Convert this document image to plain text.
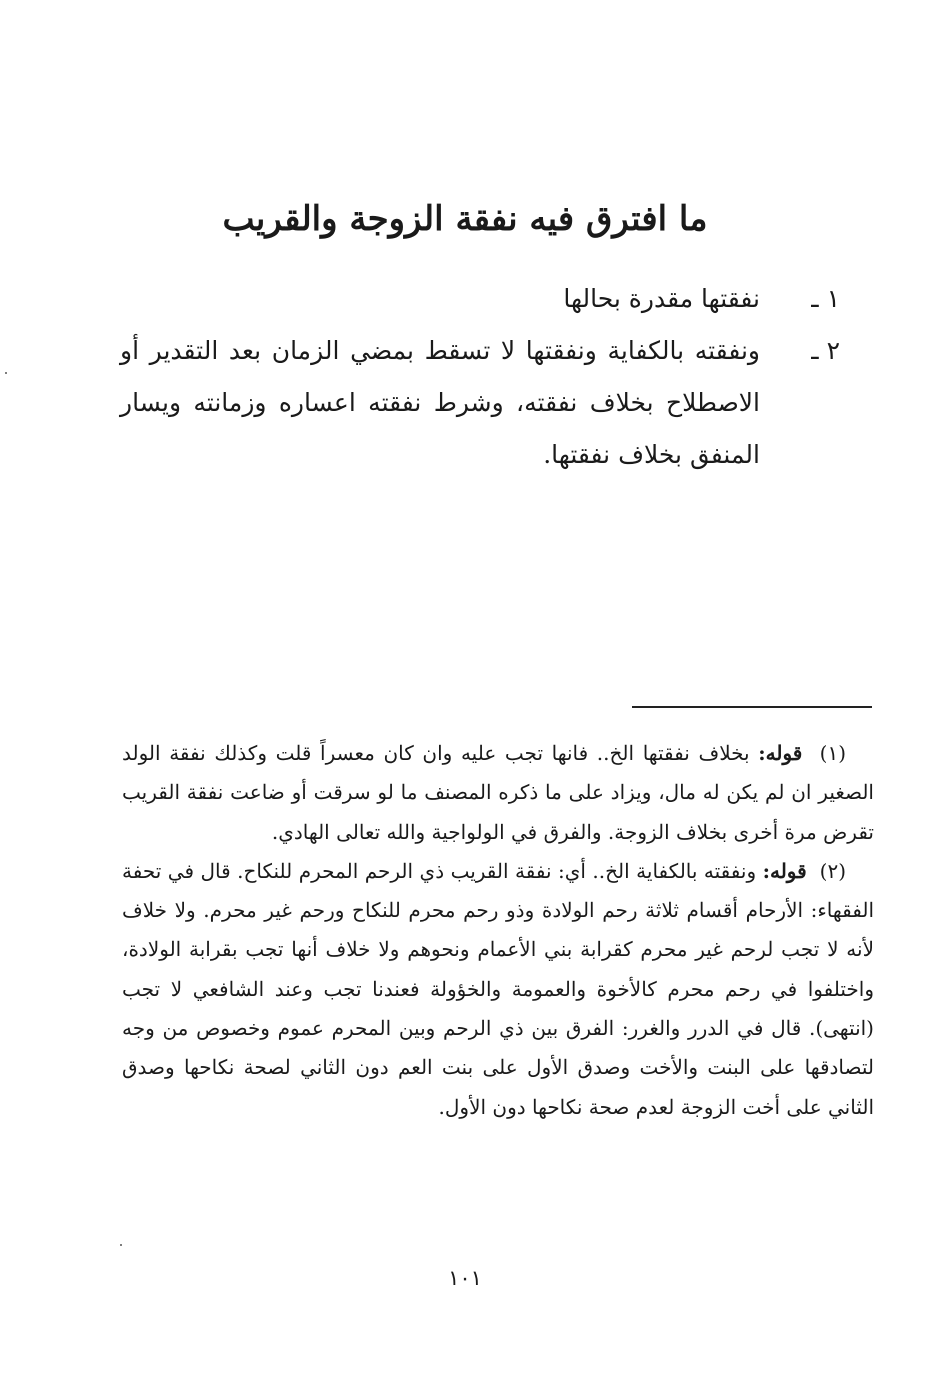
ما افترق فيه نفقة الزوجة والقريب
١ ـ
نفقتها مقدرة بحالها
٢ ـ
ونفقته بالكفاية ونفقتها لا تسقط بمضي الزمان بعد التقدير أو الاصطلاح بخلاف نفقته، وشرط نفقته اعساره وزمانته ويسار المنفق بخلاف نفقتها.

(١)  قوله: بخلاف نفقتها الخ.. فانها تجب عليه وان كان معسراً قلت وكذلك نفقة الولد الصغير ان لم يكن له مال، ويزاد على ما ذكره المصنف ما لو سرقت أو ضاعت نفقة القريب تقرض مرة أخرى بخلاف الزوجة. والفرق في الولواجية والله تعالى الهادي.

(٢)  قوله: ونفقته بالكفاية الخ.. أي: نفقة القريب ذي الرحم المحرم للنكاح. قال في تحفة الفقهاء: الأرحام أقسام ثلاثة رحم الولادة وذو رحم محرم للنكاح ورحم غير محرم. ولا خلاف لأنه لا تجب لرحم غير محرم كقرابة بني الأعمام ونحوهم ولا خلاف أنها تجب بقرابة الولادة، واختلفوا في رحم محرم كالأخوة والعمومة والخؤولة فعندنا تجب وعند الشافعي لا تجب (انتهى). قال في الدرر والغرر: الفرق بين ذي الرحم وبين المحرم عموم وخصوص من وجه لتصادقها على البنت والأخت وصدق الأول على بنت العم دون الثاني لصحة نكاحها وصدق الثاني على أخت الزوجة لعدم صحة نكاحها دون الأول.

١٠١
